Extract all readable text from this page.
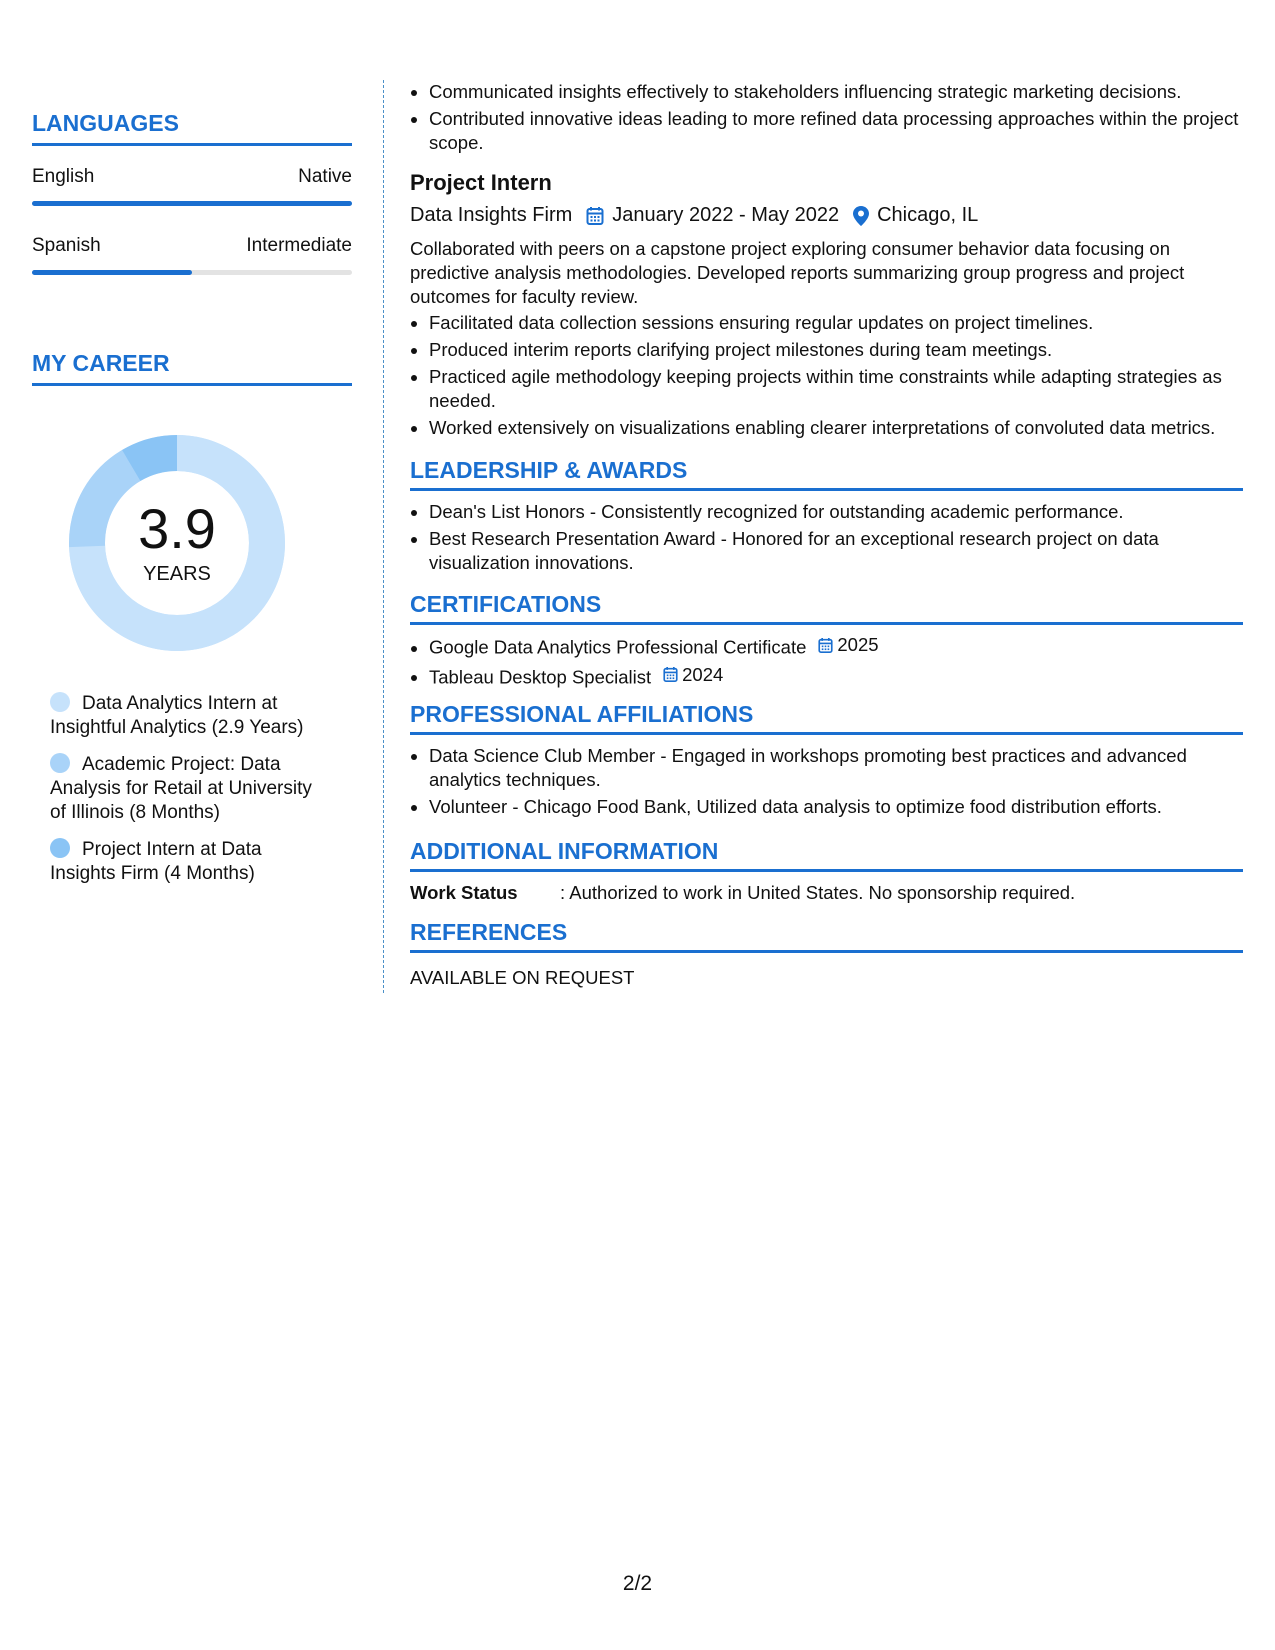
LANGUAGES
English	Native
Spanish	Intermediate
MY CAREER
3.9
YEARS
Data Analytics Intern at Insightful Analytics (2.9 Years)
Academic Project: Data Analysis for Retail at University of Illinois (8 Months)
Project Intern at Data Insights Firm (4 Months)
• Communicated insights effectively to stakeholders influencing strategic marketing decisions.
• Contributed innovative ideas leading to more refined data processing approaches within the project scope.
Project Intern
Data Insights Firm January 2022 - May 2022 Chicago, IL
Collaborated with peers on a capstone project exploring consumer behavior data focusing on predictive analysis methodologies. Developed reports summarizing group progress and project outcomes for faculty review.
• Facilitated data collection sessions ensuring regular updates on project timelines.
• Produced interim reports clarifying project milestones during team meetings.
• Practiced agile methodology keeping projects within time constraints while adapting strategies as needed.
• Worked extensively on visualizations enabling clearer interpretations of convoluted data metrics.
LEADERSHIP & AWARDS
• Dean's List Honors - Consistently recognized for outstanding academic performance.
• Best Research Presentation Award - Honored for an exceptional research project on data visualization innovations.
CERTIFICATIONS
• Google Data Analytics Professional Certificate 2025
• Tableau Desktop Specialist 2024
PROFESSIONAL AFFILIATIONS
• Data Science Club Member - Engaged in workshops promoting best practices and advanced analytics techniques.
• Volunteer - Chicago Food Bank, Utilized data analysis to optimize food distribution efforts.
ADDITIONAL INFORMATION
Work Status	: Authorized to work in United States. No sponsorship required.
REFERENCES
AVAILABLE ON REQUEST
2/2
